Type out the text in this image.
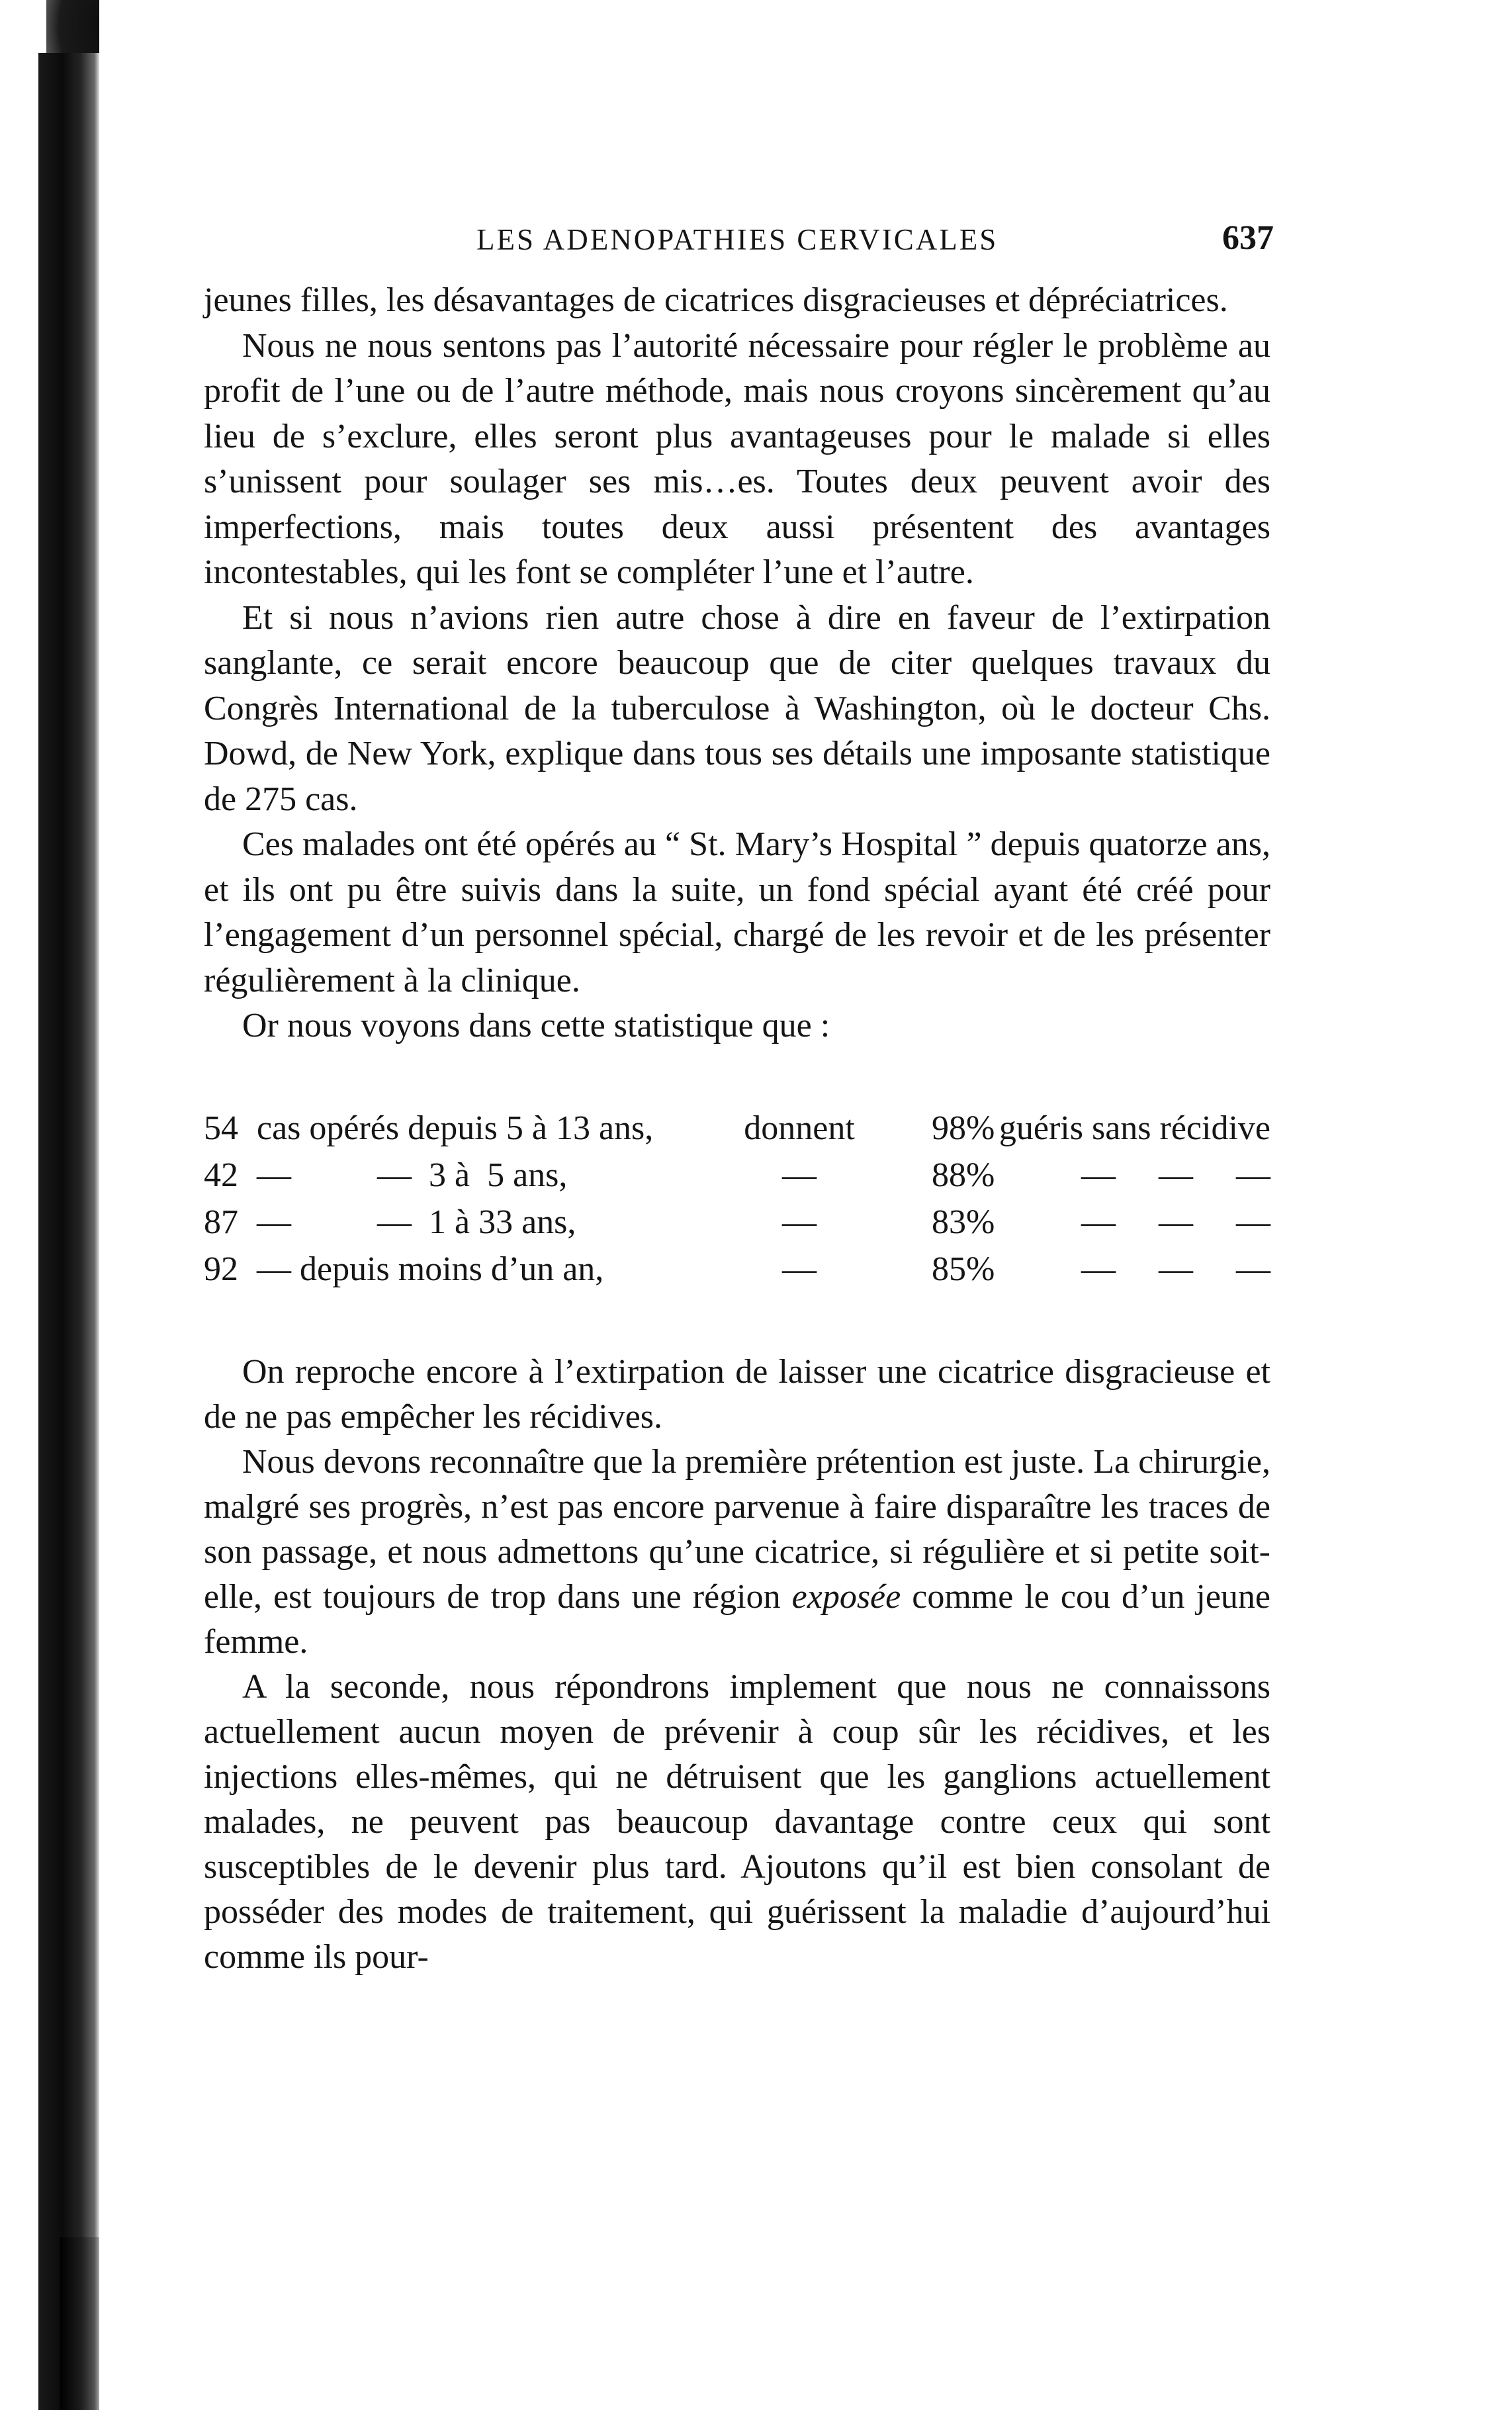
LES ADENOPATHIES CERVICALES	637

jeunes filles, les désavantages de cicatrices disgracieuses et dépréciatrices.

Nous ne nous sentons pas l’autorité nécessaire pour régler le problème au profit de l’une ou de l’autre méthode, mais nous croyons sincèrement qu’au lieu de s’exclure, elles seront plus avantageuses pour le malade si elles s’unissent pour soulager ses mis…es. Toutes deux peuvent avoir des imperfections, mais toutes deux aussi présentent des avantages incontestables, qui les font se compléter l’une et l’autre.

Et si nous n’avions rien autre chose à dire en faveur de l’extirpation sanglante, ce serait encore beaucoup que de citer quelques travaux du Congrès International de la tuberculose à Washington, où le docteur Chs. Dowd, de New York, explique dans tous ses détails une imposante statistique de 275 cas.

Ces malades ont été opérés au “ St. Mary’s Hospital ” depuis quatorze ans, et ils ont pu être suivis dans la suite, un fond spécial ayant été créé pour l’engagement d’un personnel spécial, chargé de les revoir et de les présenter régulièrement à la clinique.

Or nous voyons dans cette statistique que :

54 cas opérés depuis 5 à 13 ans,	donnent	98% guéris sans récidive
42 —          —  3 à  5 ans,	—	88%	—     —     —
87 —          —  1 à 33 ans,	—	83%	—     —     —
92 — depuis moins d’un an,	—	85%	—     —     —

On reproche encore à l’extirpation de laisser une cicatrice disgracieuse et de ne pas empêcher les récidives.

Nous devons reconnaître que la première prétention est juste. La chirurgie, malgré ses progrès, n’est pas encore parvenue à faire disparaître les traces de son passage, et nous admettons qu’une cicatrice, si régulière et si petite soit-elle, est toujours de trop dans une région exposée comme le cou d’un jeune femme.

A la seconde, nous répondrons implement que nous ne connaissons actuellement aucun moyen de prévenir à coup sûr les récidives, et les injections elles-mêmes, qui ne détruisent que les ganglions actuellement malades, ne peuvent pas beaucoup davantage contre ceux qui sont susceptibles de le devenir plus tard. Ajoutons qu’il est bien consolant de posséder des modes de traitement, qui guérissent la maladie d’aujourd’hui comme ils pour-
